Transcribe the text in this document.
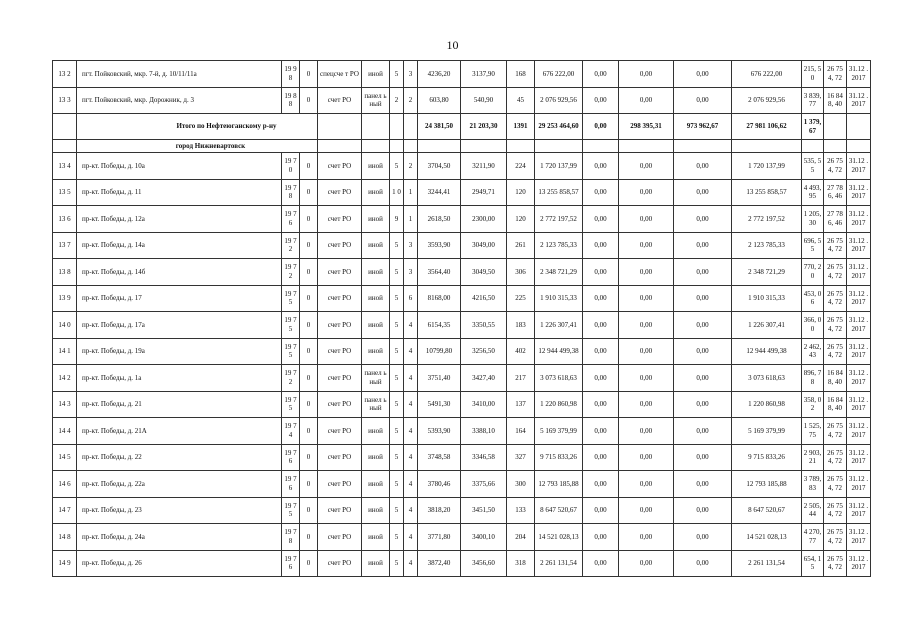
10
13 2	пгт. Пойковский, мкр. 7-й, д. 10/11/11а	19 98	0	спецсче т РО	иной	5	3	4236,20	3137,90	168	676 222,00	0,00	0,00	0,00	676 222,00	215, 50	26 754, 72	31.12 .2017
13 3	пгт. Пойковский, мкр. Дорожник, д. 3	19 88	0	счет РО	панел ьный	2	2	603,80	540,90	45	2 076 929,56	0,00	0,00	0,00	2 076 929,56	3 839, 77	16 848, 40	31.12 .2017
	Итого по Нефтеюганскому р-ну							24 381,50	21 203,30	1391	29 253 464,60	0,00	298 395,31	973 962,67	27 981 106,62	1 379, 67		
	город Нижневартовск																	
13 4	пр-кт. Победы, д. 10а	19 70	0	счет РО	иной	5	2	3704,50	3211,90	224	1 720 137,99	0,00	0,00	0,00	1 720 137,99	535, 55	26 754, 72	31.12 .2017
13 5	пр-кт. Победы, д. 11	19 78	0	счет РО	иной	1 0	1	3244,41	2949,71	120	13 255 858,57	0,00	0,00	0,00	13 255 858,57	4 493, 95	27 786, 46	31.12 .2017
13 6	пр-кт. Победы, д. 12а	19 76	0	счет РО	иной	9	1	2618,50	2300,00	120	2 772 197,52	0,00	0,00	0,00	2 772 197,52	1 205, 30	27 786, 46	31.12 .2017
13 7	пр-кт. Победы, д. 14а	19 72	0	счет РО	иной	5	3	3593,90	3049,00	261	2 123 785,33	0,00	0,00	0,00	2 123 785,33	696, 55	26 754, 72	31.12 .2017
13 8	пр-кт. Победы, д. 14б	19 72	0	счет РО	иной	5	3	3564,40	3049,50	306	2 348 721,29	0,00	0,00	0,00	2 348 721,29	770, 20	26 754, 72	31.12 .2017
13 9	пр-кт. Победы, д. 17	19 75	0	счет РО	иной	5	6	8168,00	4216,50	225	1 910 315,33	0,00	0,00	0,00	1 910 315,33	453, 06	26 754, 72	31.12 .2017
14 0	пр-кт. Победы, д. 17а	19 75	0	счет РО	иной	5	4	6154,35	3350,55	183	1 226 307,41	0,00	0,00	0,00	1 226 307,41	366, 00	26 754, 72	31.12 .2017
14 1	пр-кт. Победы, д. 19а	19 75	0	счет РО	иной	5	4	10799,80	3256,50	402	12 944 499,38	0,00	0,00	0,00	12 944 499,38	2 462, 43	26 754, 72	31.12 .2017
14 2	пр-кт. Победы, д. 1а	19 72	0	счет РО	панел ьный	5	4	3751,40	3427,40	217	3 073 618,63	0,00	0,00	0,00	3 073 618,63	896, 78	16 848, 40	31.12 .2017
14 3	пр-кт. Победы, д. 21	19 75	0	счет РО	панел ьный	5	4	5491,30	3410,00	137	1 220 860,98	0,00	0,00	0,00	1 220 860,98	358, 02	16 848, 40	31.12 .2017
14 4	пр-кт. Победы, д. 21А	19 74	0	счет РО	иной	5	4	5393,90	3388,10	164	5 169 379,99	0,00	0,00	0,00	5 169 379,99	1 525, 75	26 754, 72	31.12 .2017
14 5	пр-кт. Победы, д. 22	19 76	0	счет РО	иной	5	4	3748,58	3346,58	327	9 715 833,26	0,00	0,00	0,00	9 715 833,26	2 903, 21	26 754, 72	31.12 .2017
14 6	пр-кт. Победы, д. 22а	19 76	0	счет РО	иной	5	4	3780,46	3375,66	300	12 793 185,88	0,00	0,00	0,00	12 793 185,88	3 789, 83	26 754, 72	31.12 .2017
14 7	пр-кт. Победы, д. 23	19 75	0	счет РО	иной	5	4	3818,20	3451,50	133	8 647 520,67	0,00	0,00	0,00	8 647 520,67	2 505, 44	26 754, 72	31.12 .2017
14 8	пр-кт. Победы, д. 24а	19 78	0	счет РО	иной	5	4	3771,80	3400,10	204	14 521 028,13	0,00	0,00	0,00	14 521 028,13	4 270, 77	26 754, 72	31.12 .2017
14 9	пр-кт. Победы, д. 26	19 76	0	счет РО	иной	5	4	3872,40	3456,60	318	2 261 131,54	0,00	0,00	0,00	2 261 131,54	654, 15	26 754, 72	31.12 .2017
